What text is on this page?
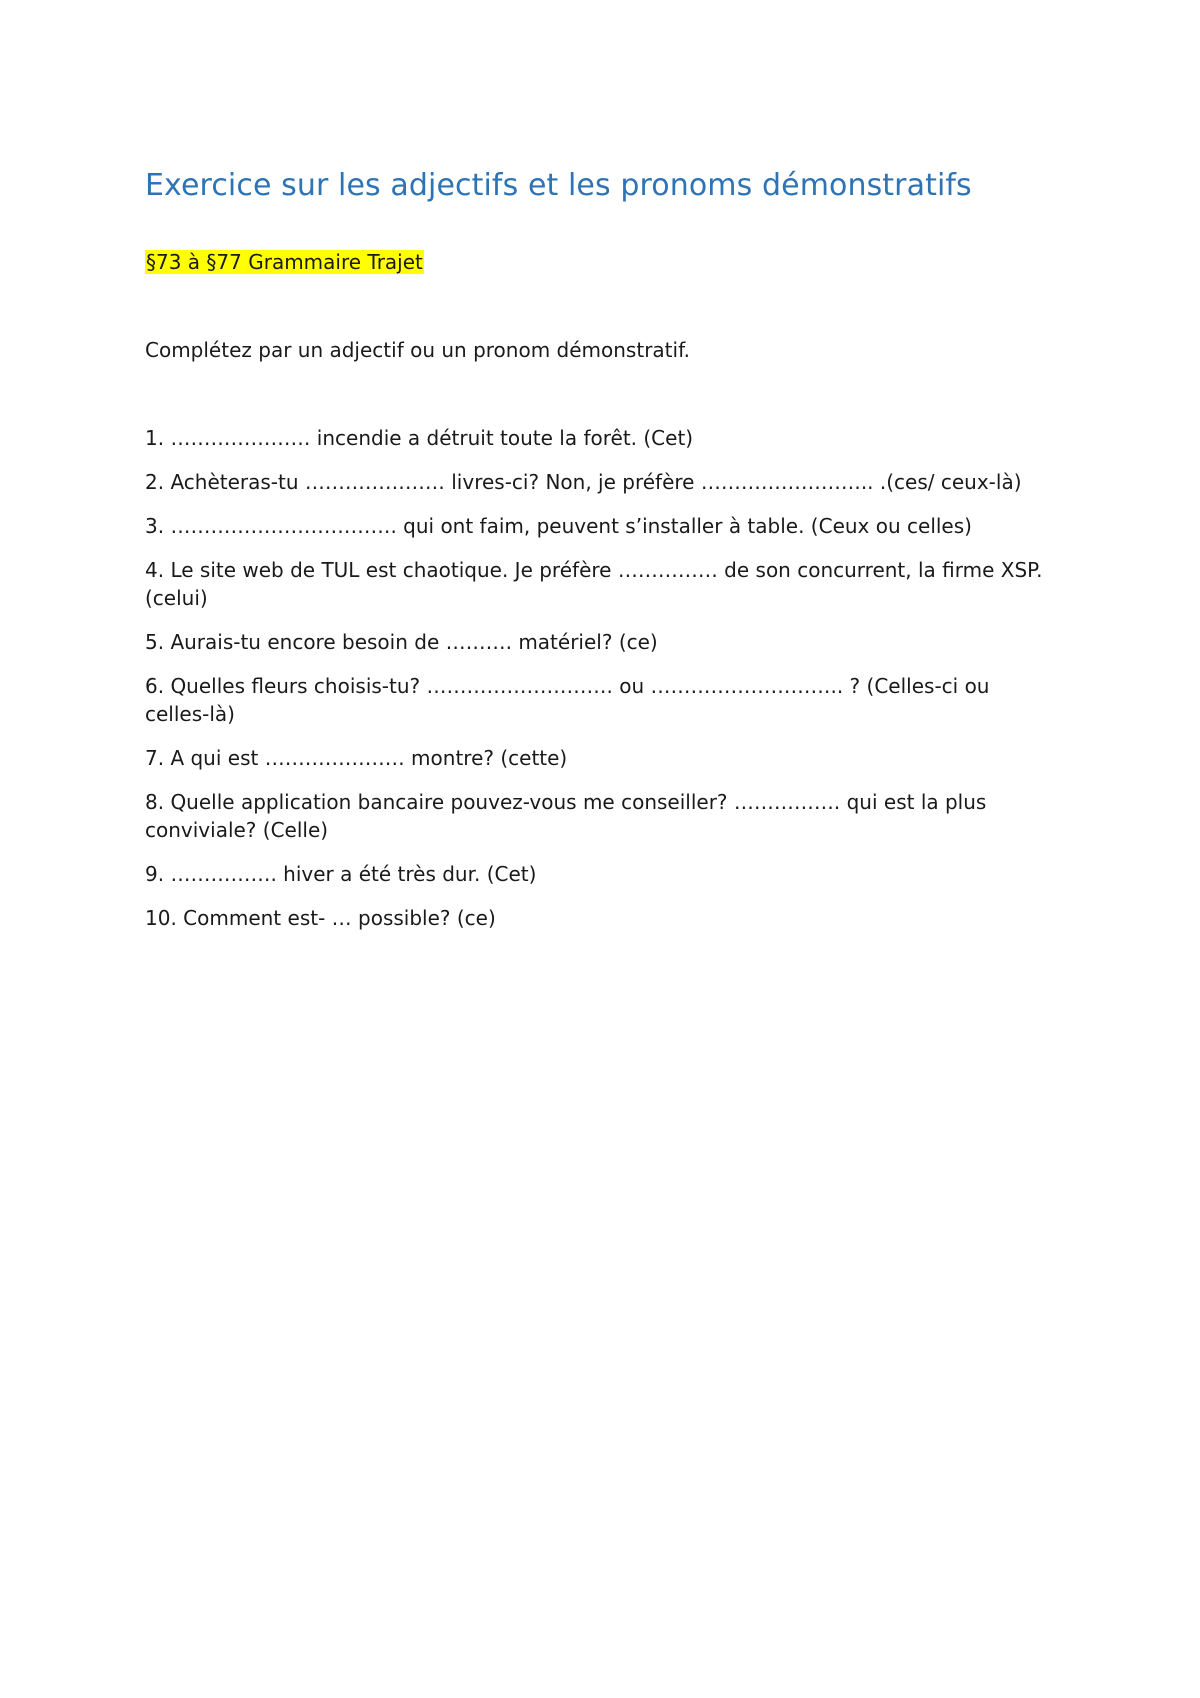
Exercice sur les adjectifs et les pronoms démonstratifs

§73 à §77 Grammaire Trajet

Complétez par un adjectif ou un pronom démonstratif.

1. ………………… incendie a détruit toute la forêt. (Cet)
2. Achèteras-tu ………………… livres-ci? Non, je préfère …………………….. .(ces/ ceux-là)
3. ……………………………. qui ont faim, peuvent s’installer à table. (Ceux ou celles)
4. Le site web de TUL est chaotique. Je préfère …………… de son concurrent, la firme XSP. (celui)
5. Aurais-tu encore besoin de ………. matériel? (ce)
6. Quelles fleurs choisis-tu? ………………………. ou ……………………….. ? (Celles-ci ou celles-là)
7. A qui est ………………… montre? (cette)
8. Quelle application bancaire pouvez-vous me conseiller? ……………. qui est la plus conviviale? (Celle)
9. ……………. hiver a été très dur. (Cet)
10. Comment est- … possible? (ce)
